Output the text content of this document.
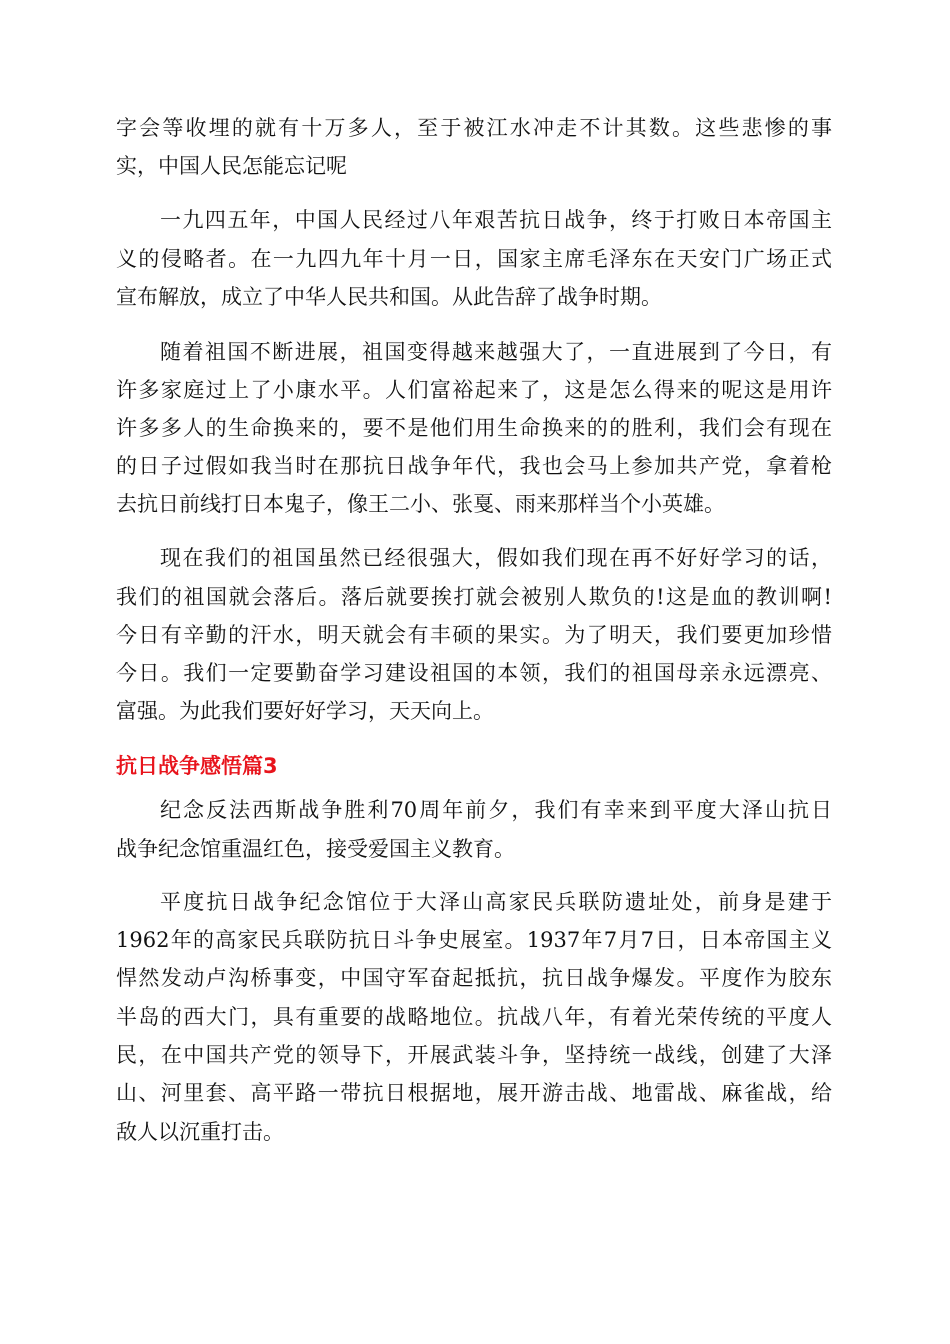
字会等收埋的就有十万多人，至于被江水冲走不计其数。这些悲惨的事
实，中国人民怎能忘记呢
一九四五年，中国人民经过八年艰苦抗日战争，终于打败日本帝国主
义的侵略者。在一九四九年十月一日，国家主席毛泽东在天安门广场正式
宣布解放，成立了中华人民共和国。从此告辞了战争时期。
随着祖国不断进展，祖国变得越来越强大了，一直进展到了今日，有
许多家庭过上了小康水平。人们富裕起来了，这是怎么得来的呢这是用许
许多多人的生命换来的，要不是他们用生命换来的的胜利，我们会有现在
的日子过假如我当时在那抗日战争年代，我也会马上参加共产党，拿着枪
去抗日前线打日本鬼子，像王二小、张戛、雨来那样当个小英雄。
现在我们的祖国虽然已经很强大，假如我们现在再不好好学习的话，
我们的祖国就会落后。落后就要挨打就会被别人欺负的!这是血的教训啊!
今日有辛勤的汗水，明天就会有丰硕的果实。为了明天，我们要更加珍惜
今日。我们一定要勤奋学习建设祖国的本领，我们的祖国母亲永远漂亮、
富强。为此我们要好好学习，天天向上。
抗日战争感悟篇3
纪念反法西斯战争胜利70周年前夕，我们有幸来到平度大泽山抗日
战争纪念馆重温红色，接受爱国主义教育。
平度抗日战争纪念馆位于大泽山高家民兵联防遗址处，前身是建于
1962年的高家民兵联防抗日斗争史展室。1937年7月7日，日本帝国主义
悍然发动卢沟桥事变，中国守军奋起抵抗，抗日战争爆发。平度作为胶东
半岛的西大门，具有重要的战略地位。抗战八年，有着光荣传统的平度人
民，在中国共产党的领导下，开展武装斗争，坚持统一战线，创建了大泽
山、河里套、高平路一带抗日根据地，展开游击战、地雷战、麻雀战，给
敌人以沉重打击。
